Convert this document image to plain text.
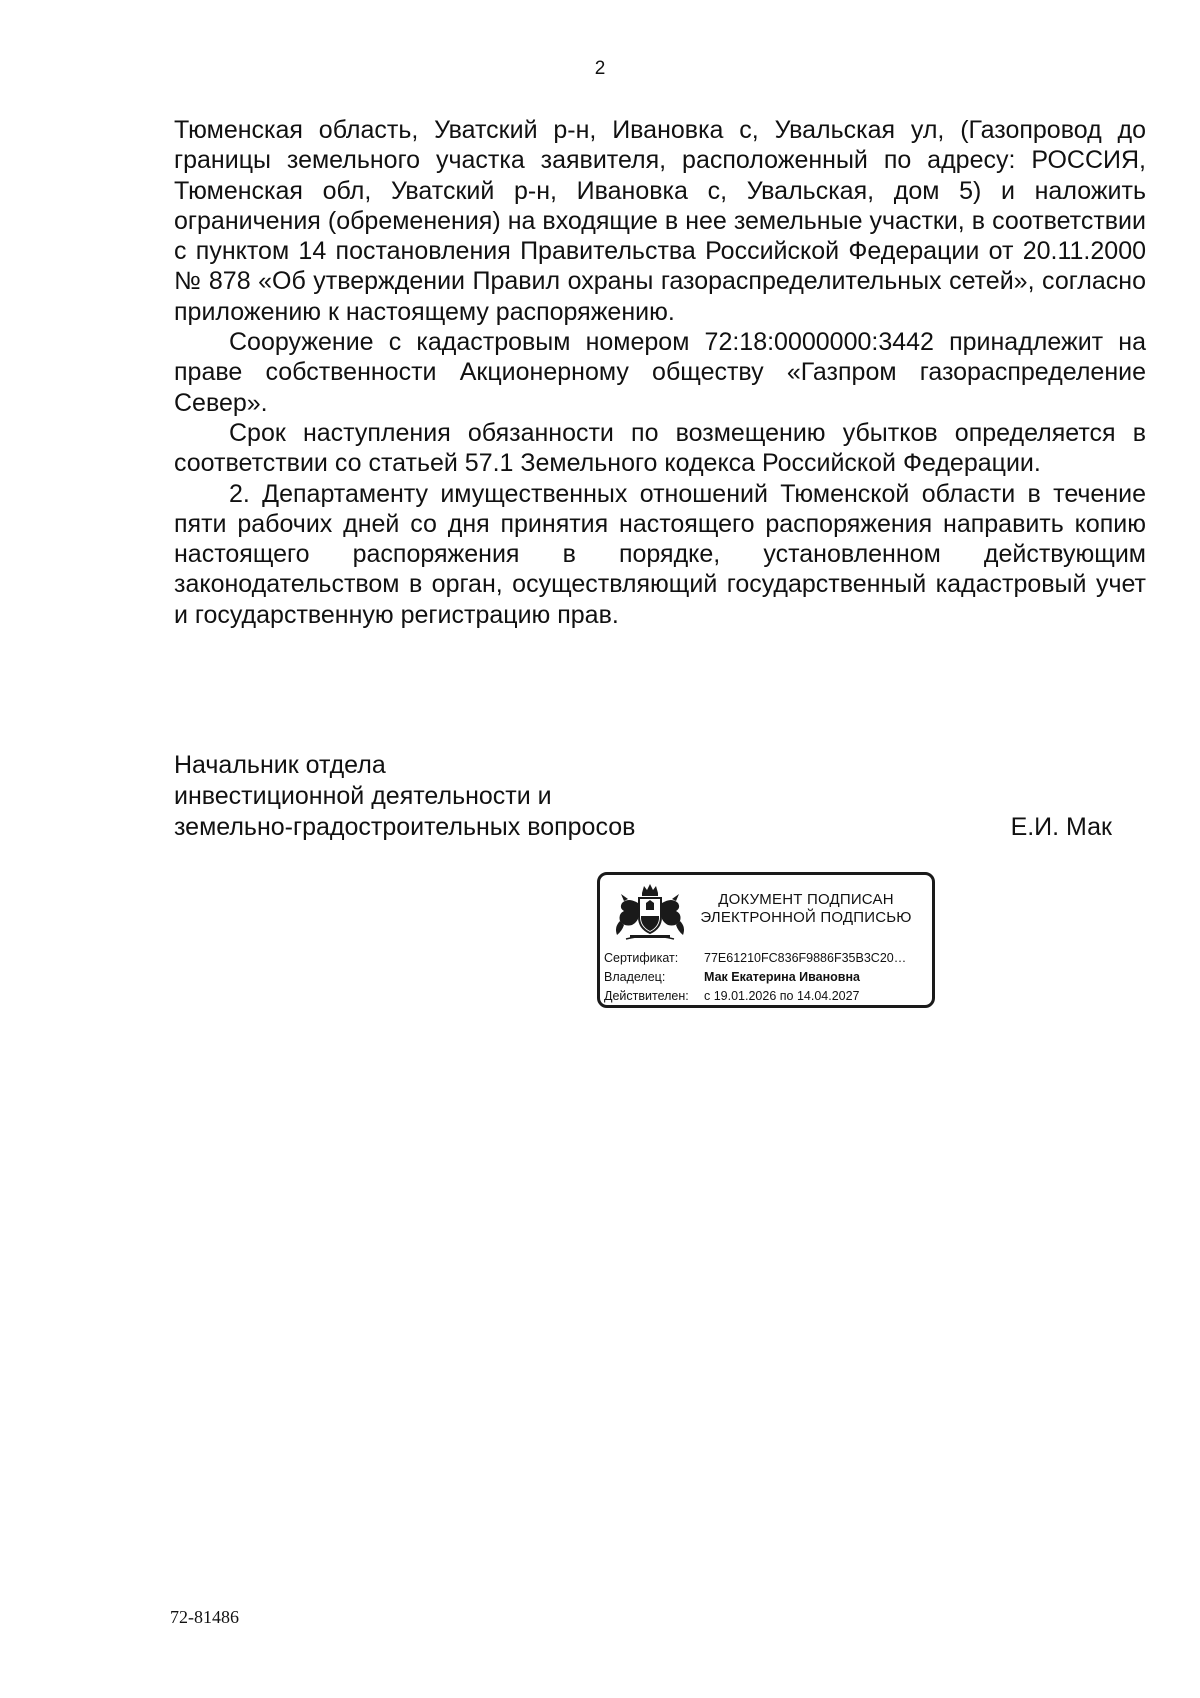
2

Тюменская область, Уватский р-н, Ивановка с, Увальская ул, (Газопровод до границы земельного участка заявителя, расположенный по адресу: РОССИЯ, Тюменская обл, Уватский р-н, Ивановка с, Увальская, дом 5) и наложить ограничения (обременения) на входящие в нее земельные участки, в соответствии с пунктом 14 постановления Правительства Российской Федерации от 20.11.2000 № 878 «Об утверждении Правил охраны газораспределительных сетей», согласно приложению к настоящему распоряжению.

Сооружение с кадастровым номером 72:18:0000000:3442 принадлежит на праве собственности Акционерному обществу «Газпром газораспределение Север».

Срок наступления обязанности по возмещению убытков определяется в соответствии со статьей 57.1 Земельного кодекса Российской Федерации.

2. Департаменту имущественных отношений Тюменской области в течение пяти рабочих дней со дня принятия настоящего распоряжения направить копию настоящего распоряжения в порядке, установленном действующим законодательством в орган, осуществляющий государственный кадастровый учет и государственную регистрацию прав.

Начальник отдела
инвестиционной деятельности и
земельно-градостроительных вопросов	Е.И. Мак
ДОКУМЕНТ ПОДПИСАН
ЭЛЕКТРОННОЙ ПОДПИСЬЮ
Сертификат:	77E61210FC836F9886F35B3C20…
Владелец:	Мак Екатерина Ивановна
Действителен:	с 19.01.2026 по 14.04.2027
72-81486
